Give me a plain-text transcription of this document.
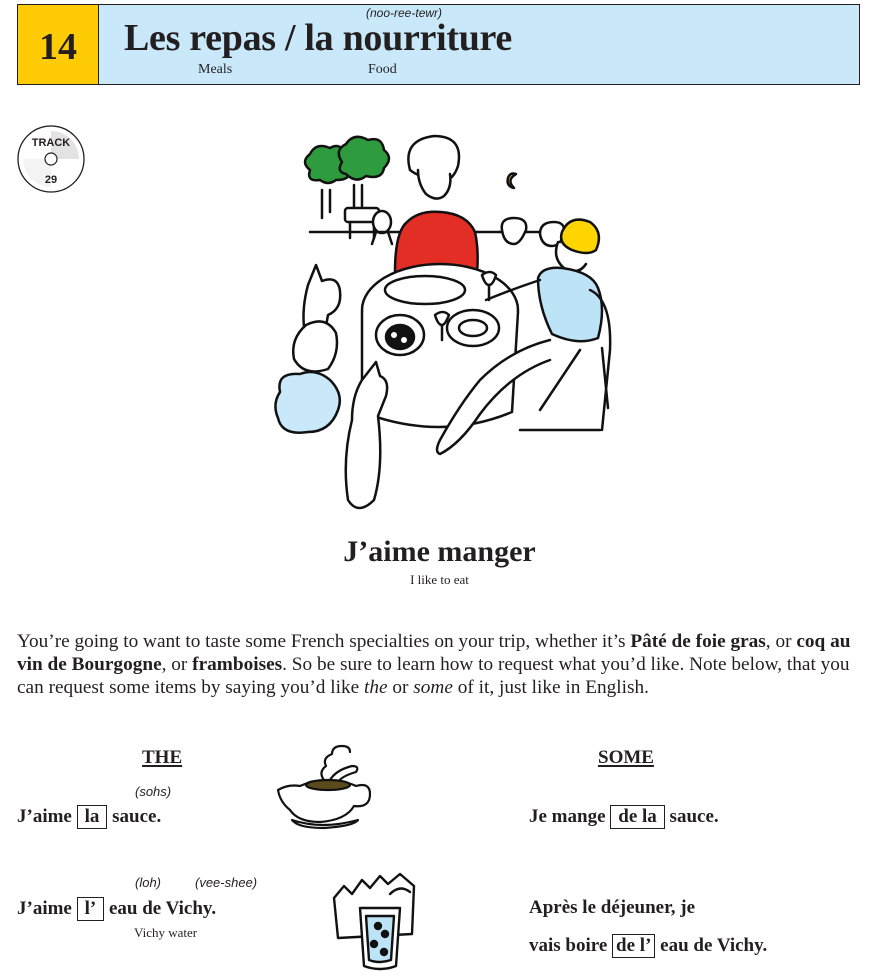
14
(noo-ree-tewr)
Les repas / la nourriture
Meals	Food
TRACK
29
J’aime manger
I like to eat
You’re going to want to taste some French specialties on your trip, whether it’s Pâté de foie gras, or coq au vin de Bourgogne, or framboises. So be sure to learn how to request what you’d like. Note below, that you can request some items by saying you’d like the or some of it, just like in English.
THE	SOME
(sohs)
J’aime la sauce.	Je mange de la sauce.
(loh)	(vee-shee)
J’aime l’ eau de Vichy.
Vichy water
Après le déjeuner, je
vais boire de l’ eau de Vichy.
